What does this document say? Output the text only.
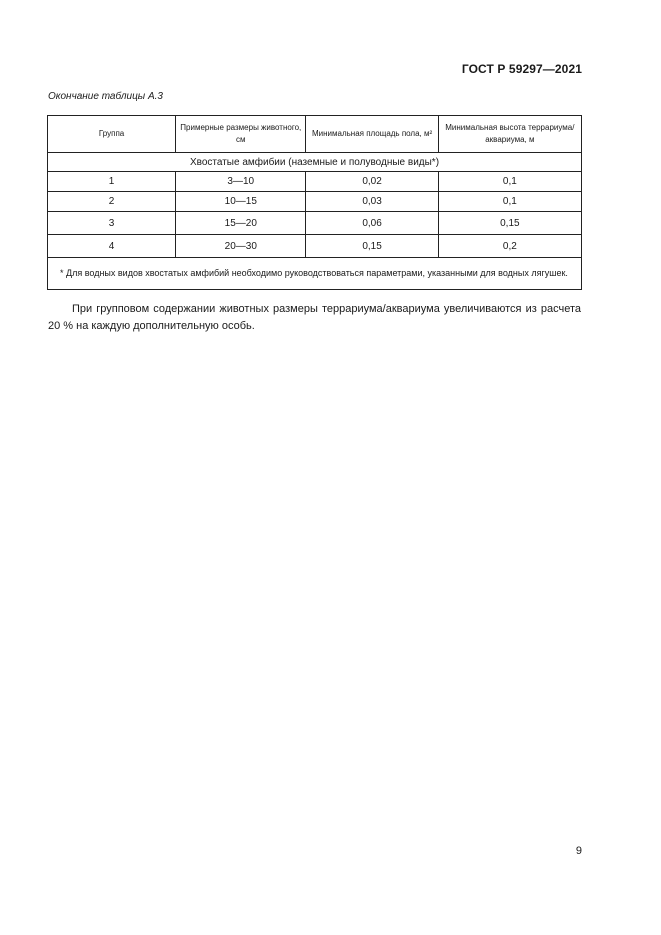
ГОСТ Р 59297—2021
Окончание таблицы А.3
Группа	Примерные размеры животного, см	Минимальная площадь пола, м²	Минимальная высота террариума/аквариума, м
Хвостатые амфибии (наземные и полуводные виды*)			
1	3—10	0,02	0,1
2	10—15	0,03	0,1
3	15—20	0,06	0,15
4	20—30	0,15	0,2
* Для водных видов хвостатых амфибий необходимо руководствоваться параметрами, указанными для водных лягушек.			
При групповом содержании животных размеры террариума/аквариума увеличиваются из расчета 20 % на каждую дополнительную особь.
9
